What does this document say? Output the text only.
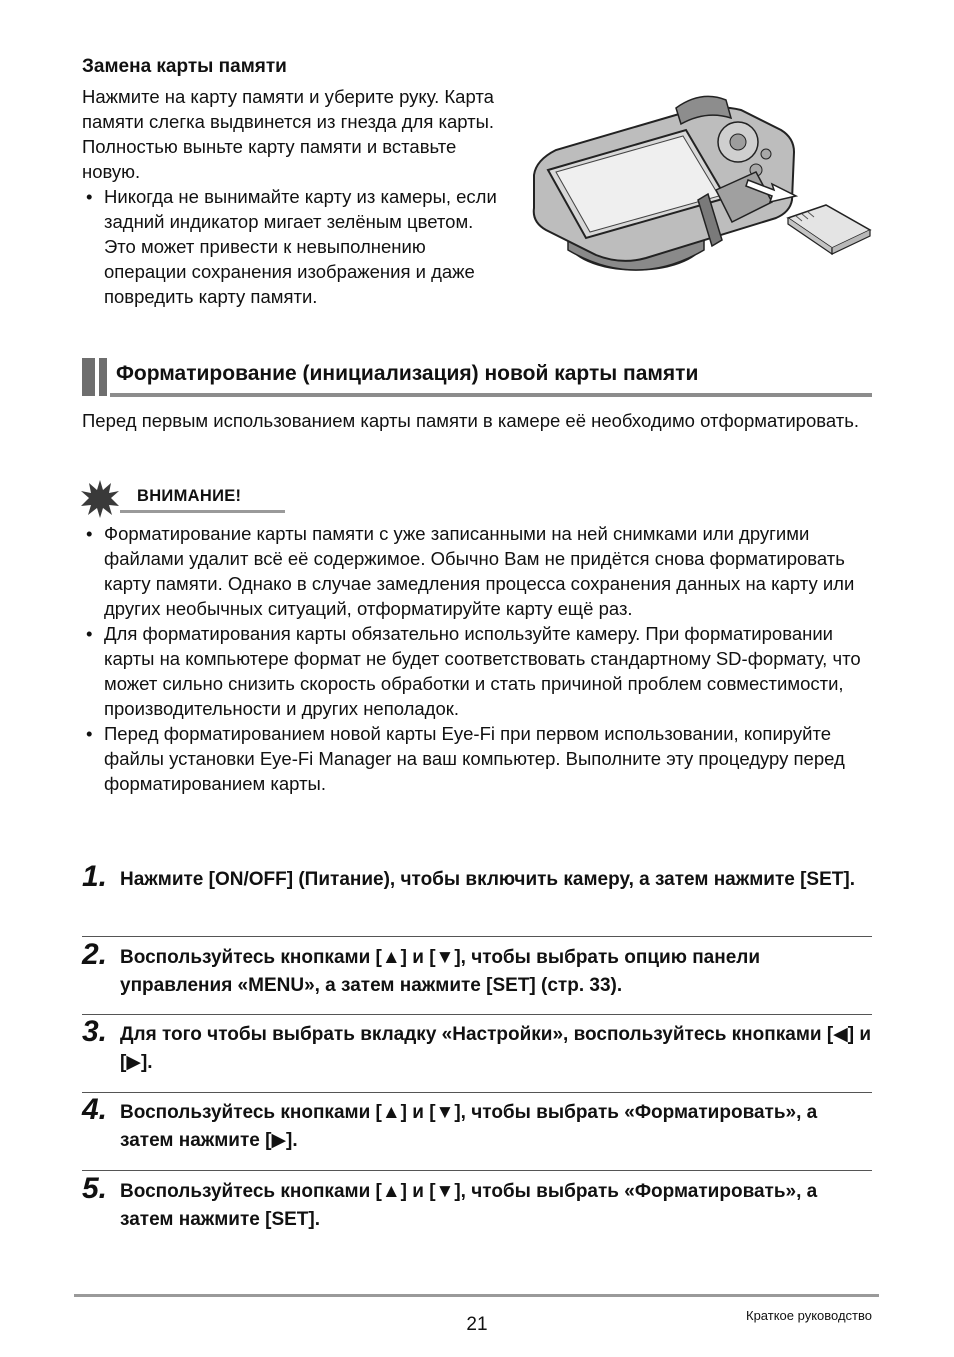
Замена карты памяти

Нажмите на карту памяти и уберите руку. Карта памяти слегка выдвинется из гнезда для карты. Полностью выньте карту памяти и вставьте новую.

• Никогда не вынимайте карту из камеры, если задний индикатор мигает зелёным цветом. Это может привести к невыполнению операции сохранения изображения и даже повредить карту памяти.

Форматирование (инициализация) новой карты памяти
Перед первым использованием карты памяти в камере её необходимо отформатировать.
ВНИМАНИЕ!
• Форматирование карты памяти с уже записанными на ней снимками или другими файлами удалит всё её содержимое. Обычно Вам не придётся снова форматировать карту памяти. Однако в случае замедления процесса сохранения данных на карту или других необычных ситуаций, отформатируйте карту ещё раз.
• Для форматирования карты обязательно используйте камеру. При форматировании карты на компьютере формат не будет соответствовать стандартному SD-формату, что может сильно снизить скорость обработки и стать причиной проблем совместимости, производительности и других неполадок.
• Перед форматированием новой карты Eye-Fi при первом использовании, копируйте файлы установки Eye-Fi Manager на ваш компьютер. Выполните эту процедуру перед форматированием карты.
1. Нажмите [ON/OFF] (Питание), чтобы включить камеру, а затем нажмите [SET].
2. Воспользуйтесь кнопками [▲] и [▼], чтобы выбрать опцию панели управления «MENU», а затем нажмите [SET] (стр. 33).
3. Для того чтобы выбрать вкладку «Настройки», воспользуйтесь кнопками [◀] и [▶].
4. Воспользуйтесь кнопками [▲] и [▼], чтобы выбрать «Форматировать», а затем нажмите [▶].
5. Воспользуйтесь кнопками [▲] и [▼], чтобы выбрать «Форматировать», а затем нажмите [SET].
21	Краткое руководство
